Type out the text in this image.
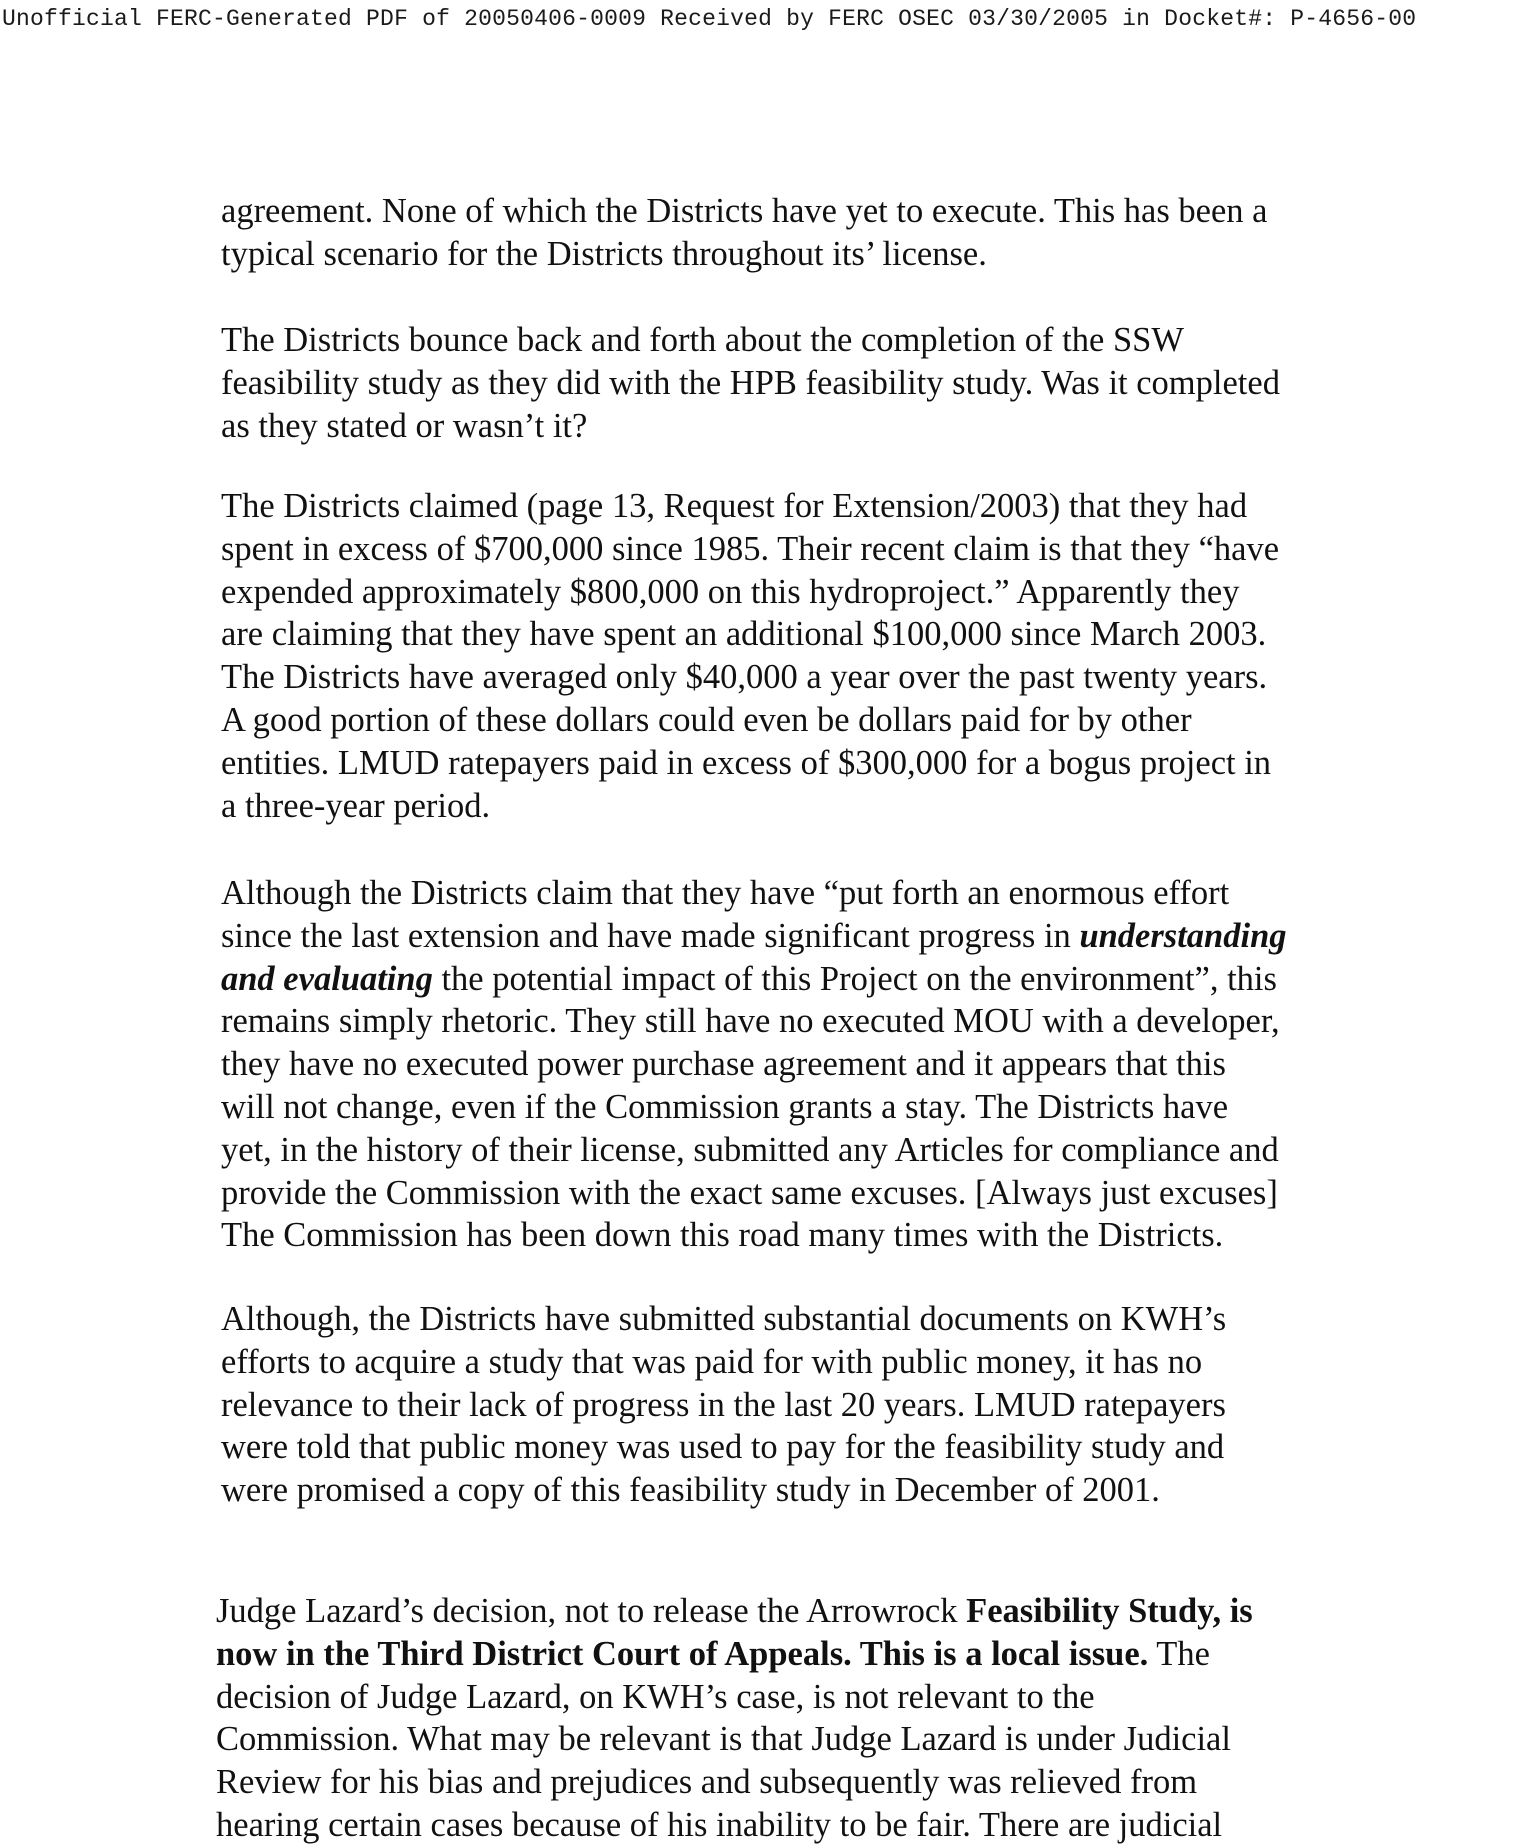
Unofficial FERC-Generated PDF of 20050406-0009 Received by FERC OSEC 03/30/2005 in Docket#: P-4656-00
agreement. None of which the Districts have yet to execute. This has been a
typical scenario for the Districts throughout its’ license.
The Districts bounce back and forth about the completion of the SSW
feasibility study as they did with the HPB feasibility study. Was it completed
as they stated or wasn’t it?
The Districts claimed (page 13, Request for Extension/2003) that they had
spent in excess of $700,000 since 1985. Their recent claim is that they “have
expended approximately $800,000 on this hydroproject.” Apparently they
are claiming that they have spent an additional $100,000 since March 2003.
The Districts have averaged only $40,000 a year over the past twenty years.
A good portion of these dollars could even be dollars paid for by other
entities. LMUD ratepayers paid in excess of $300,000 for a bogus project in
a three-year period.
Although the Districts claim that they have “put forth an enormous effort
since the last extension and have made significant progress in understanding
and evaluating the potential impact of this Project on the environment”, this
remains simply rhetoric. They still have no executed MOU with a developer,
they have no executed power purchase agreement and it appears that this
will not change, even if the Commission grants a stay. The Districts have
yet, in the history of their license, submitted any Articles for compliance and
provide the Commission with the exact same excuses. [Always just excuses]
The Commission has been down this road many times with the Districts.
Although, the Districts have submitted substantial documents on KWH’s
efforts to acquire a study that was paid for with public money, it has no
relevance to their lack of progress in the last 20 years. LMUD ratepayers
were told that public money was used to pay for the feasibility study and
were promised a copy of this feasibility study in December of 2001.
Judge Lazard’s decision, not to release the Arrowrock Feasibility Study, is
now in the Third District Court of Appeals. This is a local issue. The
decision of Judge Lazard, on KWH’s case, is not relevant to the
Commission. What may be relevant is that Judge Lazard is under Judicial
Review for his bias and prejudices and subsequently was relieved from
hearing certain cases because of his inability to be fair. There are judicial
